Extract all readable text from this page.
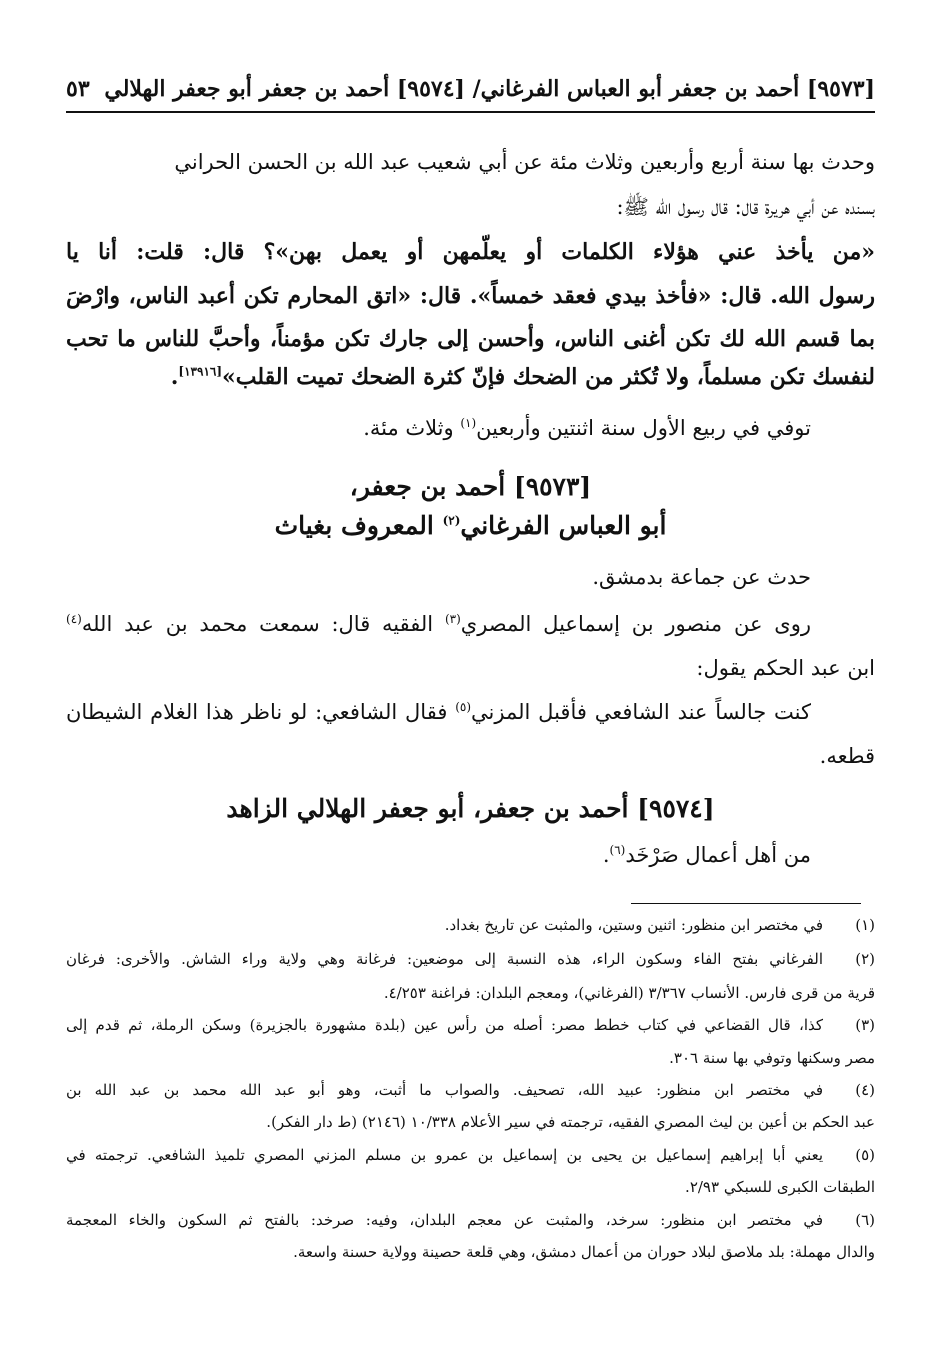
[٩٥٧٣] أحمد بن جعفر أبو العباس الفرغاني/ [٩٥٧٤] أحمد بن جعفر أبو جعفر الهلالي
٥٣
وحدث بها سنة أربع وأربعين وثلاث مئة عن أبي شعيب عبد الله بن الحسن الحراني
بسنده عن أبي هريرة قال: قال رسول الله ﷺ:
«من يأخذ عني هؤلاء الكلمات أو يعلّمهن أو يعمل بهن»؟ قال: قلت: أنا يا
رسول الله. قال: «فأخذ بيدي فعقد خمساً». قال: «اتق المحارم تكن أعبد الناس، وارْضَ
بما قسم الله لك تكن أغنى الناس، وأحسن إلى جارك تكن مؤمناً، وأحبَّ للناس ما تحب
لنفسك تكن مسلماً، ولا تُكثر من الضحك فإنّ كثرة الضحك تميت القلب»[١٣٩١٦].
توفي في ربيع الأول سنة اثنتين وأربعين$^{(١)}$ وثلاث مئة.
[٩٥٧٣] أحمد بن جعفر،
أبو العباس الفرغاني$^{(٢)}$ المعروف بغياث
حدث عن جماعة بدمشق.
روى عن منصور بن إسماعيل المصري$^{(٣)}$ الفقيه قال: سمعت محمد بن عبد الله$^{(٤)}$
ابن عبد الحكم يقول:
كنت جالساً عند الشافعي فأقبل المزني$^{(٥)}$ فقال الشافعي: لو ناظر هذا الغلام الشيطان
قطعه.
[٩٥٧٤] أحمد بن جعفر، أبو جعفر الهلالي الزاهد
من أهل أعمال صَرْخَد$^{(٦)}$.
(١)
في مختصر ابن منظور: اثنين وستين، والمثبت عن تاريخ بغداد.
(٢)
الفرغاني بفتح الفاء وسكون الراء، هذه النسبة إلى موضعين: فرغانة وهي ولاية وراء الشاش. والأخرى: فرغان
قرية من قرى فارس. الأنساب ٣/٣٦٧ (الفرغاني)، ومعجم البلدان: فراغنة ٤/٢٥٣.
(٣)
كذا، قال القضاعي في كتاب خطط مصر: أصله من رأس عين (بلدة مشهورة بالجزيرة) وسكن الرملة، ثم قدم إلى
مصر وسكنها وتوفي بها سنة ٣٠٦.
(٤)
في مختصر ابن منظور: عبيد الله، تصحيف. والصواب ما أثبت، وهو أبو عبد الله محمد بن عبد الله بن
عبد الحكم بن أعين بن ليث المصري الفقيه، ترجمته في سير الأعلام ١٠/٣٣٨ (٢١٤٦) (ط دار الفكر).
(٥)
يعني أبا إبراهيم إسماعيل بن يحيى بن إسماعيل بن عمرو بن مسلم المزني المصري تلميذ الشافعي. ترجمته في
الطبقات الكبرى للسبكي ٢/٩٣.
(٦)
في مختصر ابن منظور: سرخد، والمثبت عن معجم البلدان، وفيه: صرخد: بالفتح ثم السكون والخاء المعجمة
والدال مهملة: بلد ملاصق لبلاد حوران من أعمال دمشق، وهي قلعة حصينة وولاية حسنة واسعة.
